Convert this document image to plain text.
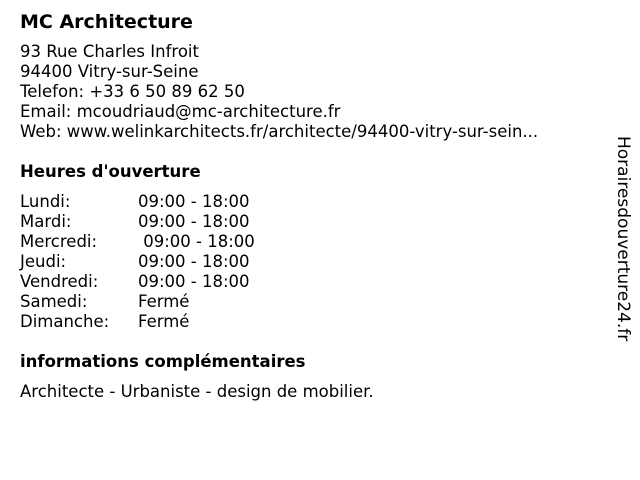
MC Architecture
93 Rue Charles Infroit
94400 Vitry-sur-Seine
Telefon: +33 6 50 89 62 50
Email: mcoudriaud@mc-architecture.fr
Web: www.welinkarchitects.fr/architecte/94400-vitry-sur-sein...
Heures d'ouverture
Lundi:	09:00 - 18:00
Mardi:	09:00 - 18:00
Mercredi:	09:00 - 18:00
Jeudi:	09:00 - 18:00
Vendredi:	09:00 - 18:00
Samedi:	Fermé
Dimanche:	Fermé
informations complémentaires
Architecte - Urbaniste - design de mobilier.
Horairesdouverture24.fr
